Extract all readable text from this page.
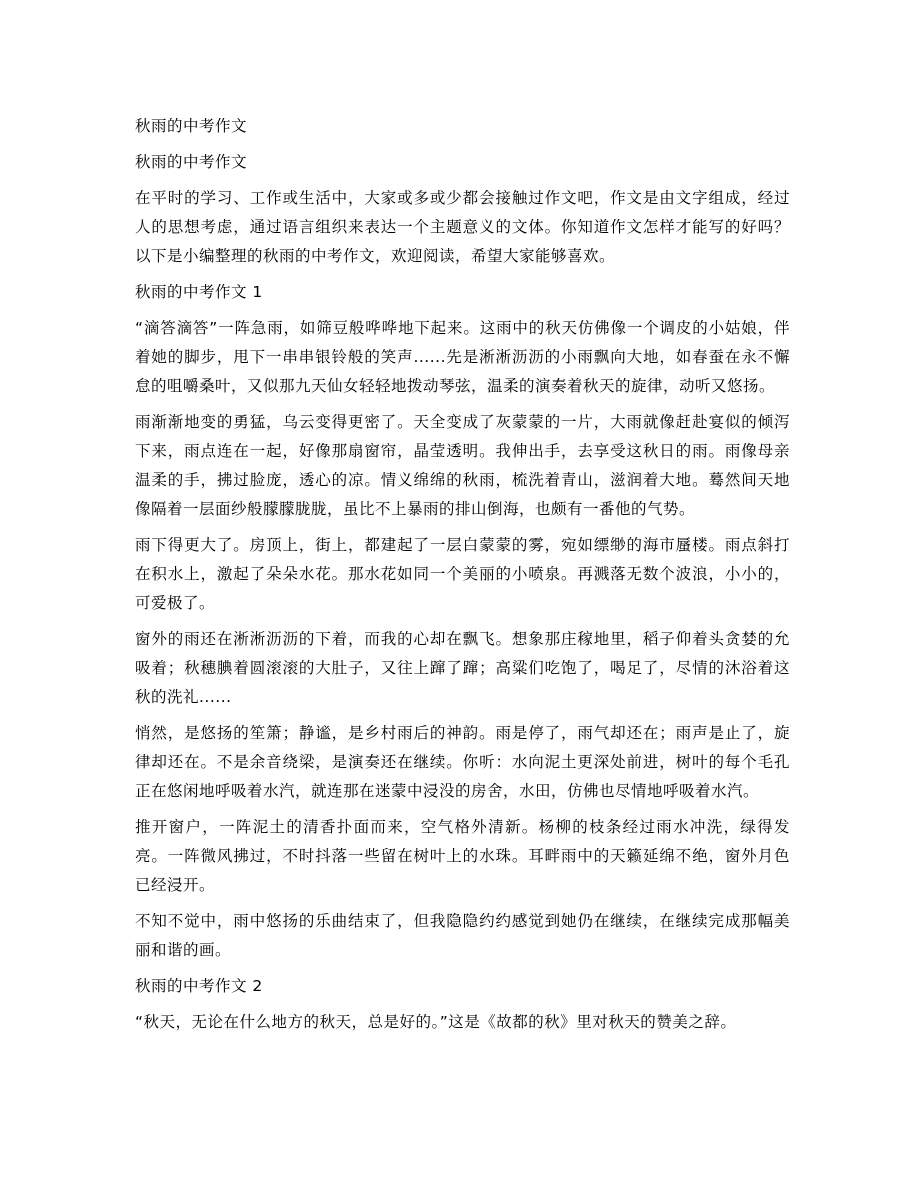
秋雨的中考作文

秋雨的中考作文

在平时的学习、工作或生活中，大家或多或少都会接触过作文吧，作文是由文字组成，经过人的思想考虑，通过语言组织来表达一个主题意义的文体。你知道作文怎样才能写的好吗？以下是小编整理的秋雨的中考作文，欢迎阅读，希望大家能够喜欢。

秋雨的中考作文 1

“滴答滴答”一阵急雨，如筛豆般哗哗地下起来。这雨中的秋天仿佛像一个调皮的小姑娘，伴着她的脚步，甩下一串串银铃般的笑声......先是淅淅沥沥的小雨飘向大地，如春蚕在永不懈怠的咀嚼桑叶，又似那九天仙女轻轻地拨动琴弦，温柔的演奏着秋天的旋律，动听又悠扬。

雨渐渐地变的勇猛，乌云变得更密了。天全变成了灰蒙蒙的一片，大雨就像赶赴宴似的倾泻下来，雨点连在一起，好像那扇窗帘，晶莹透明。我伸出手，去享受这秋日的雨。雨像母亲温柔的手，拂过脸庞，透心的凉。情义绵绵的秋雨，梳洗着青山，滋润着大地。蓦然间天地像隔着一层面纱般朦朦胧胧，虽比不上暴雨的排山倒海，也颇有一番他的气势。

雨下得更大了。房顶上，街上，都建起了一层白蒙蒙的雾，宛如缥缈的海市蜃楼。雨点斜打在积水上，激起了朵朵水花。那水花如同一个美丽的小喷泉。再溅落无数个波浪，小小的，可爱极了。

窗外的雨还在淅淅沥沥的下着，而我的心却在飘飞。想象那庄稼地里，稻子仰着头贪婪的允吸着；秋穗腆着圆滚滚的大肚子，又往上蹿了蹿；高粱们吃饱了，喝足了，尽情的沐浴着这秋的洗礼......

悄然，是悠扬的笙箫；静谧，是乡村雨后的神韵。雨是停了，雨气却还在；雨声是止了，旋律却还在。不是余音绕梁，是演奏还在继续。你听：水向泥土更深处前进，树叶的每个毛孔正在悠闲地呼吸着水汽，就连那在迷蒙中浸没的房舍，水田，仿佛也尽情地呼吸着水汽。

推开窗户，一阵泥土的清香扑面而来，空气格外清新。杨柳的枝条经过雨水冲洗，绿得发亮。一阵微风拂过，不时抖落一些留在树叶上的水珠。耳畔雨中的天籁延绵不绝，窗外月色已经浸开。

不知不觉中，雨中悠扬的乐曲结束了，但我隐隐约约感觉到她仍在继续，在继续完成那幅美丽和谐的画。

秋雨的中考作文 2

“秋天，无论在什么地方的秋天，总是好的。”这是《故都的秋》里对秋天的赞美之辞。
